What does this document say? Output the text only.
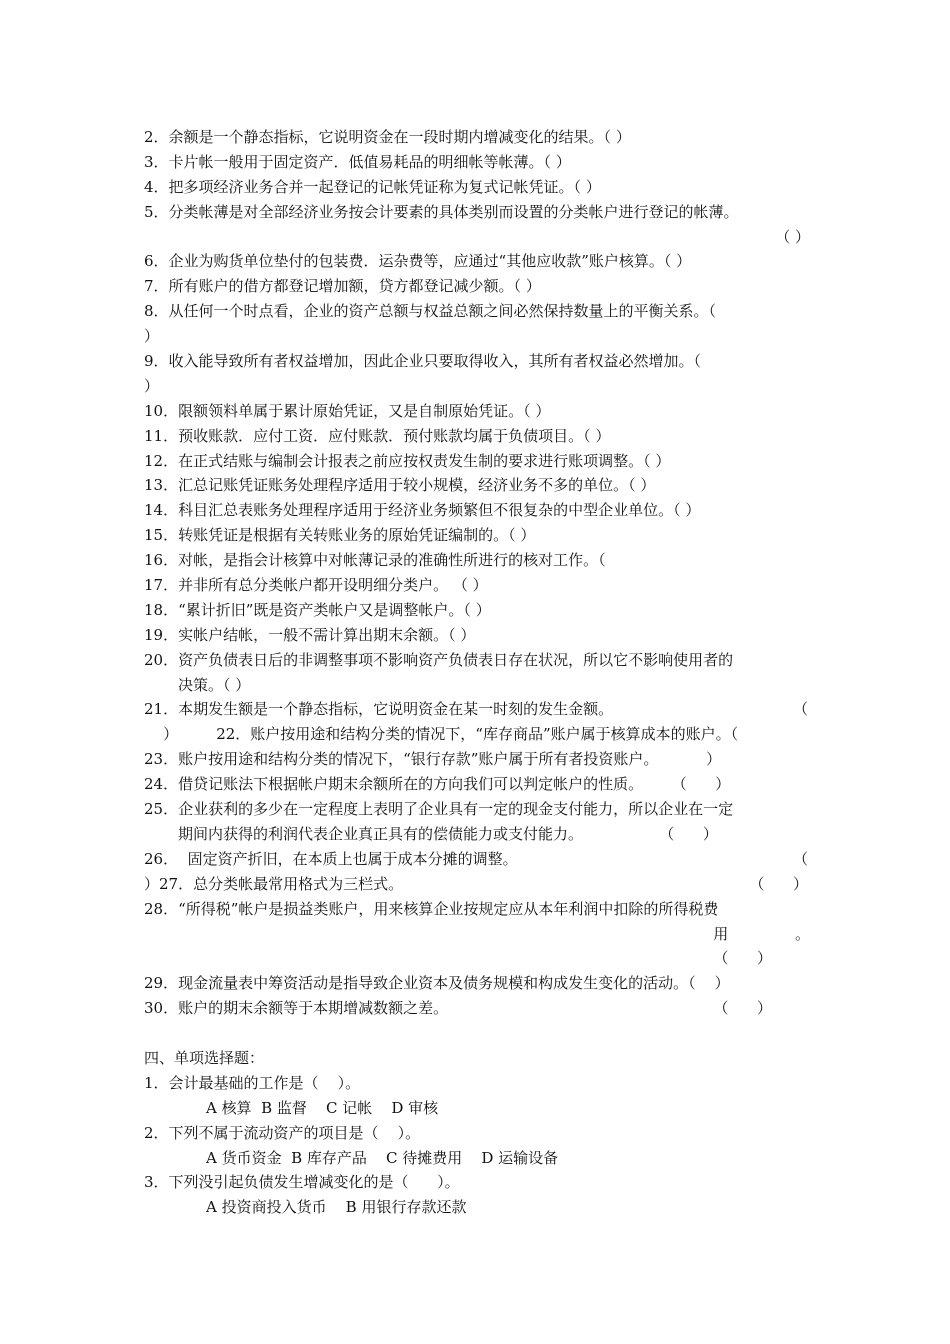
2．余额是一个静态指标，它说明资金在一段时期内增减变化的结果。（ ）
3．卡片帐一般用于固定资产．低值易耗品的明细帐等帐薄。（ ）
4．把多项经济业务合并一起登记的记帐凭证称为复式记帐凭证。（ ）
5．分类帐薄是对全部经济业务按会计要素的具体类别而设置的分类帐户进行登记的帐薄。
（ ）
6．企业为购货单位垫付的包装费．运杂费等，应通过“其他应收款”账户核算。（ ）
7．所有账户的借方都登记增加额，贷方都登记减少额。（ ）
8．从任何一个时点看，企业的资产总额与权益总额之间必然保持数量上的平衡关系。（
）
9．收入能导致所有者权益增加，因此企业只要取得收入，其所有者权益必然增加。（
）
10．限额领料单属于累计原始凭证，又是自制原始凭证。（ ）
11．预收账款．应付工资．应付账款．预付账款均属于负债项目。（ ）
12．在正式结账与编制会计报表之前应按权责发生制的要求进行账项调整。（ ）
13．汇总记账凭证账务处理程序适用于较小规模，经济业务不多的单位。（ ）
14．科目汇总表账务处理程序适用于经济业务频繁但不很复杂的中型企业单位。（ ）
15．转账凭证是根据有关转账业务的原始凭证编制的。（ ）
16．对帐，是指会计核算中对帐薄记录的准确性所进行的核对工作。（
17．并非所有总分类帐户都开设明细分类户。 （ ）
18．“累计折旧”既是资产类帐户又是调整帐户。（ ）
19．实帐户结帐，一般不需计算出期末余额。（ ）
20．资产负债表日后的非调整事项不影响资产负债表日存在状况，所以它不影响使用者的
决策。（ ）
21．本期发生额是一个静态指标，它说明资金在某一时刻的发生金额。	（
）        22．账户按用途和结构分类的情况下，“库存商品”账户属于核算成本的账户。（
23．账户按用途和结构分类的情况下，“银行存款”账户属于所有者投资账户。          ）
24．借贷记账法下根据帐户期末余额所在的方向我们可以判定帐户的性质。      （      ）
25．企业获利的多少在一定程度上表明了企业具有一定的现金支付能力，所以企业在一定
期间内获得的利润代表企业真正具有的偿债能力或支付能力。                （      ）
26．  固定资产折旧，在本质上也属于成本分摊的调整。	（
）27．总分类帐最常用格式为三栏式。	（      ）
28．“所得税”帐户是损益类账户，用来核算企业按规定应从本年利润中扣除的所得税费
用              。
（      ）
29．现金流量表中筹资活动是指导致企业资本及债务规模和构成发生变化的活动。（    ）
30．账户的期末余额等于本期增减数额之差。	（      ）
四、单项选择题：
1．会计最基础的工作是（    ）。
A 核算  B 监督    C 记帐    D 审核
2．下列不属于流动资产的项目是（    ）。
A 货币资金  B 库存产品    C 待摊费用    D 运输设备
3．下列没引起负债发生增减变化的是（      ）。
A 投资商投入货币    B 用银行存款还款
